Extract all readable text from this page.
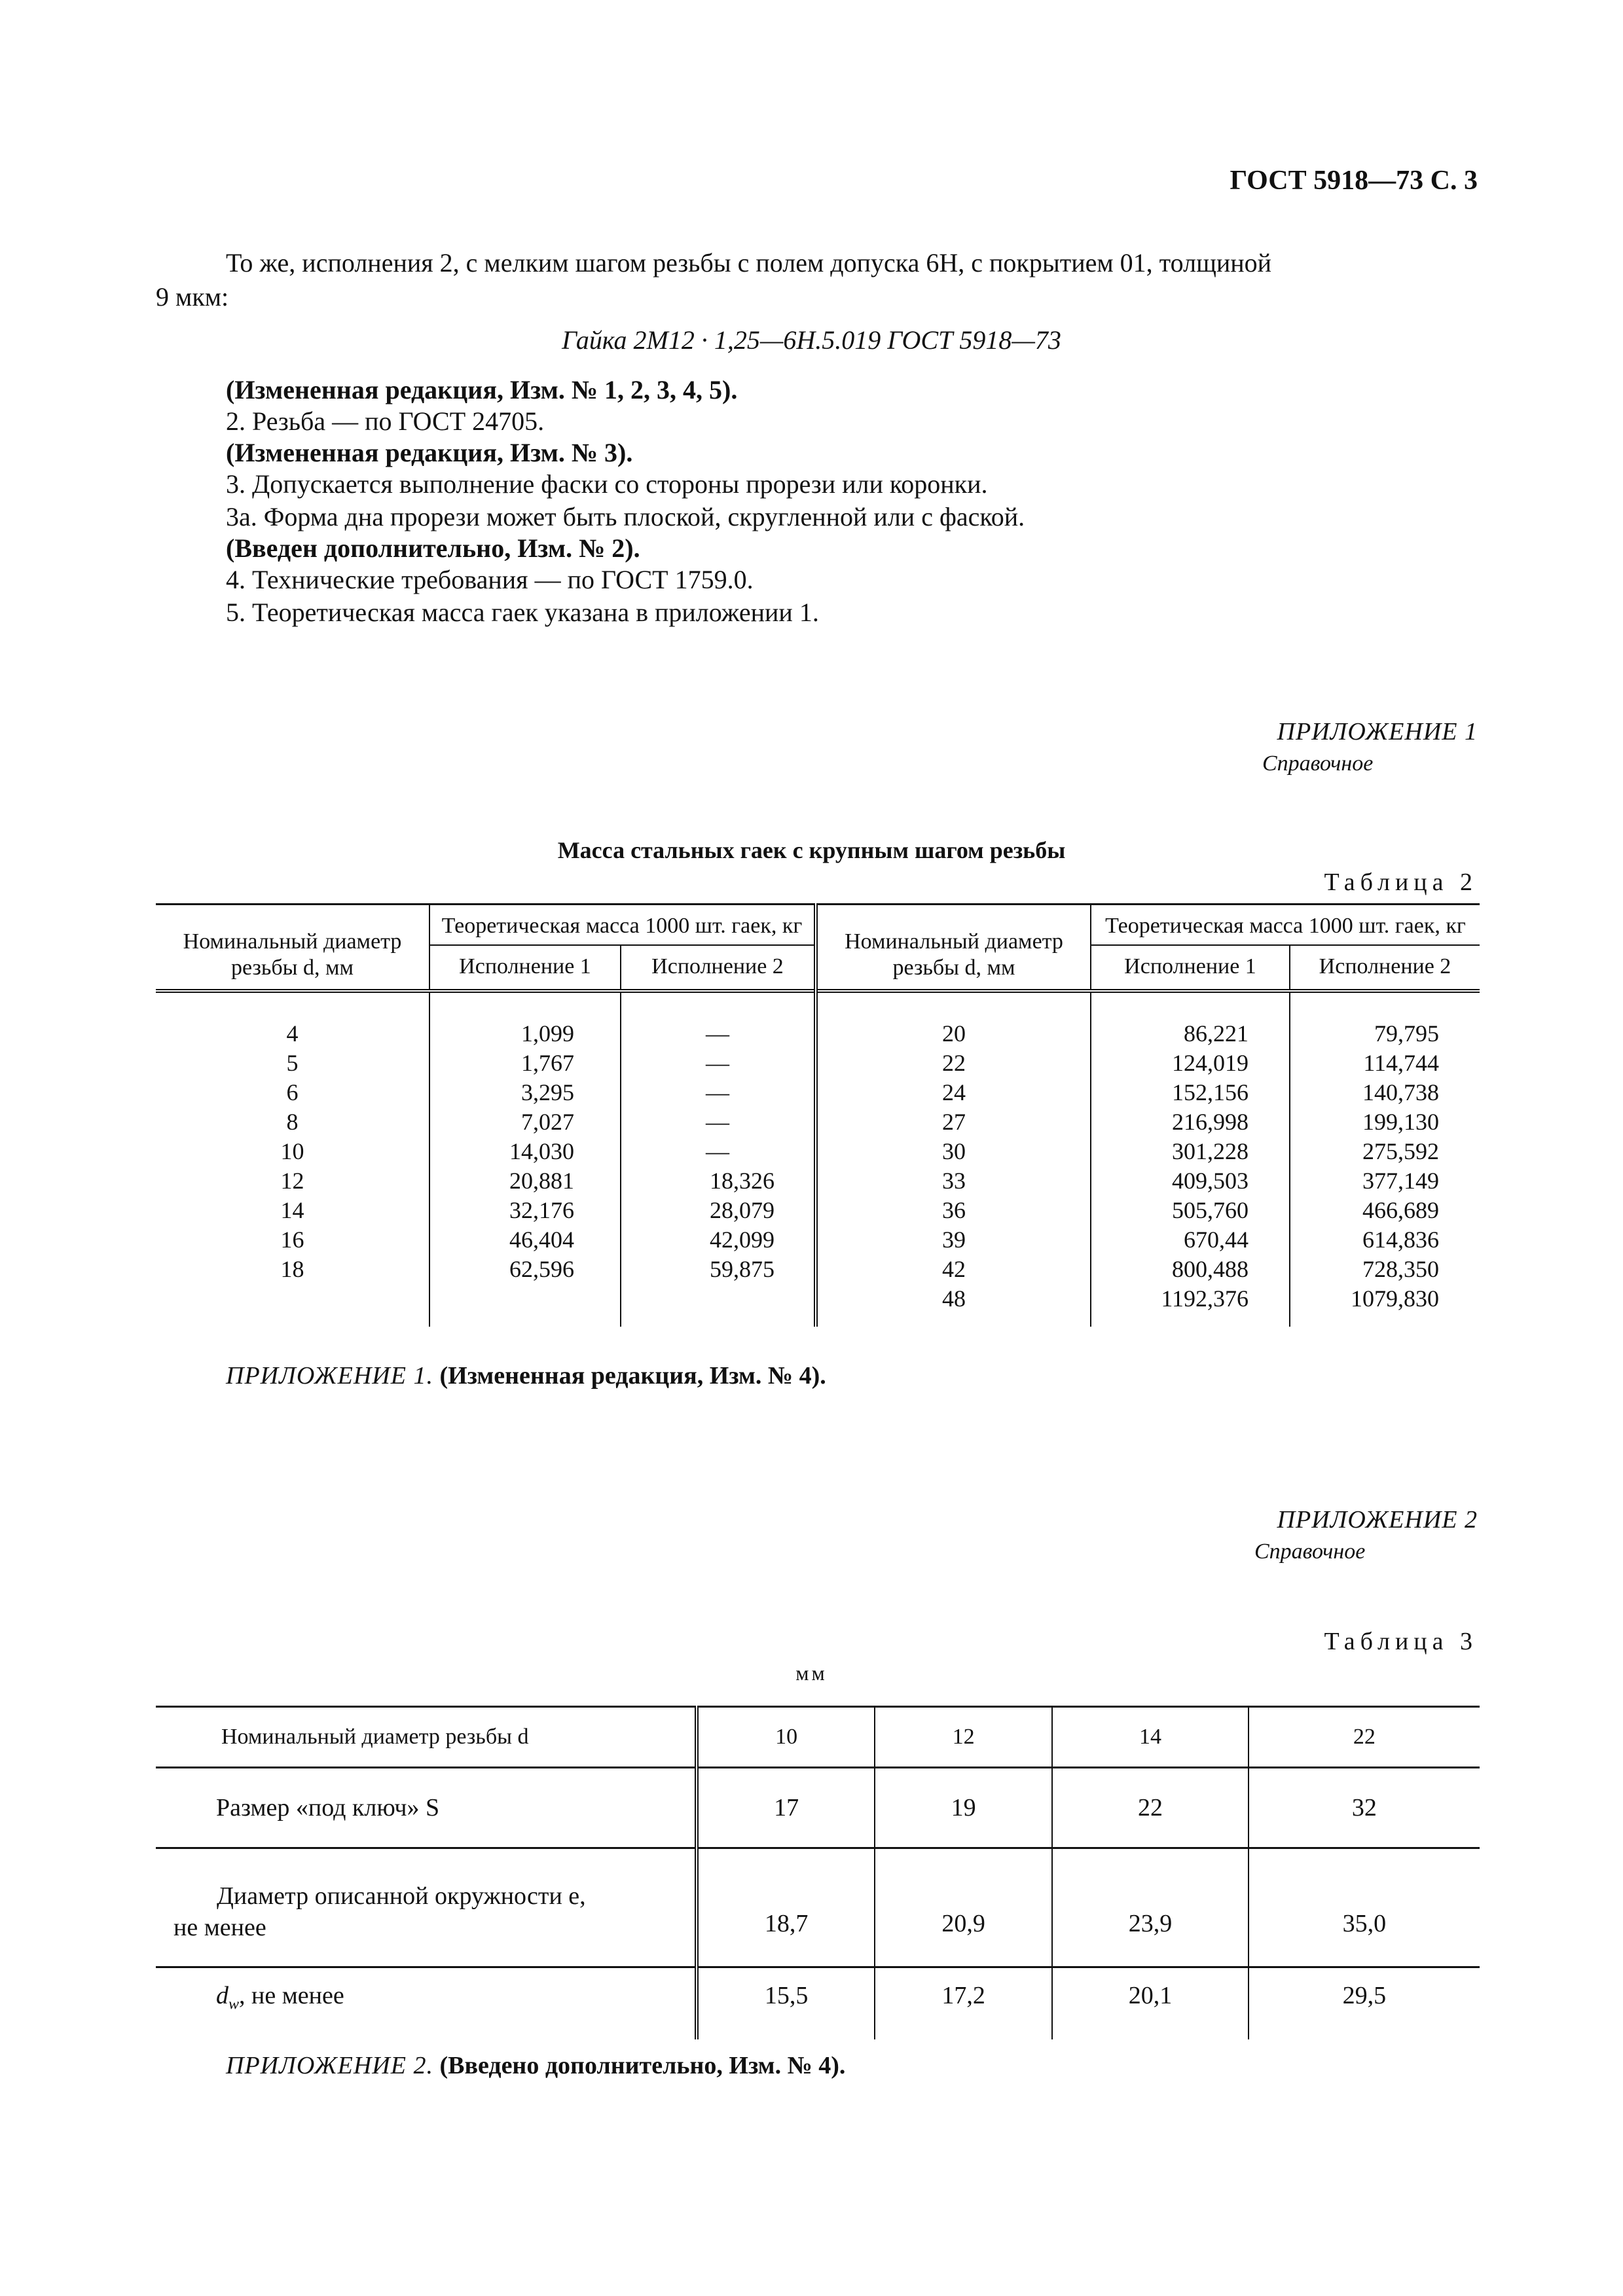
ГОСТ 5918—73 С. 3
То же, исполнения 2, с мелким шагом резьбы с полем допуска 6Н, с покрытием 01, толщиной
9 мкм:
Гайка 2М12 · 1,25—6Н.5.019 ГОСТ 5918—73
(Измененная редакция, Изм. № 1, 2, 3, 4, 5).
2. Резьба — по ГОСТ 24705.
(Измененная редакция, Изм. № 3).
3. Допускается выполнение фаски со стороны прорези или коронки.
3а. Форма дна прорези может быть плоской, скругленной или с фаской.
(Введен дополнительно, Изм. № 2).
4. Технические требования — по ГОСТ 1759.0.
5. Теоретическая масса гаек указана в приложении 1.
ПРИЛОЖЕНИЕ 1
Справочное
Масса стальных гаек с крупным шагом резьбы
Таблица 2
Номинальный диаметр резьбы d, мм	Теоретическая масса 1000 шт. гаек, кг		Номинальный диаметр резьбы d, мм	Теоретическая масса 1000 шт. гаек, кг	
	Исполнение 1	Исполнение 2		Исполнение 1	Исполнение 2
4	1,099	—	20	86,221	79,795
5	1,767	—	22	124,019	114,744
6	3,295	—	24	152,156	140,738
8	7,027	—	27	216,998	199,130
10	14,030	—	30	301,228	275,592
12	20,881	18,326	33	409,503	377,149
14	32,176	28,079	36	505,760	466,689
16	46,404	42,099	39	670,44	614,836
18	62,596	59,875	42	800,488	728,350
			48	1192,376	1079,830
ПРИЛОЖЕНИЕ 1. (Измененная редакция, Изм. № 4).
ПРИЛОЖЕНИЕ 2
Справочное
Таблица 3
мм
Номинальный диаметр резьбы d	10	12	14	22
Размер «под ключ» S	17	19	22	32

Диаметр описанной окружности е,
не менее	18,7	20,9	23,9	35,0
$d_w$, не менее	15,5	17,2	20,1	29,5
ПРИЛОЖЕНИЕ 2. (Введено дополнительно, Изм. № 4).
